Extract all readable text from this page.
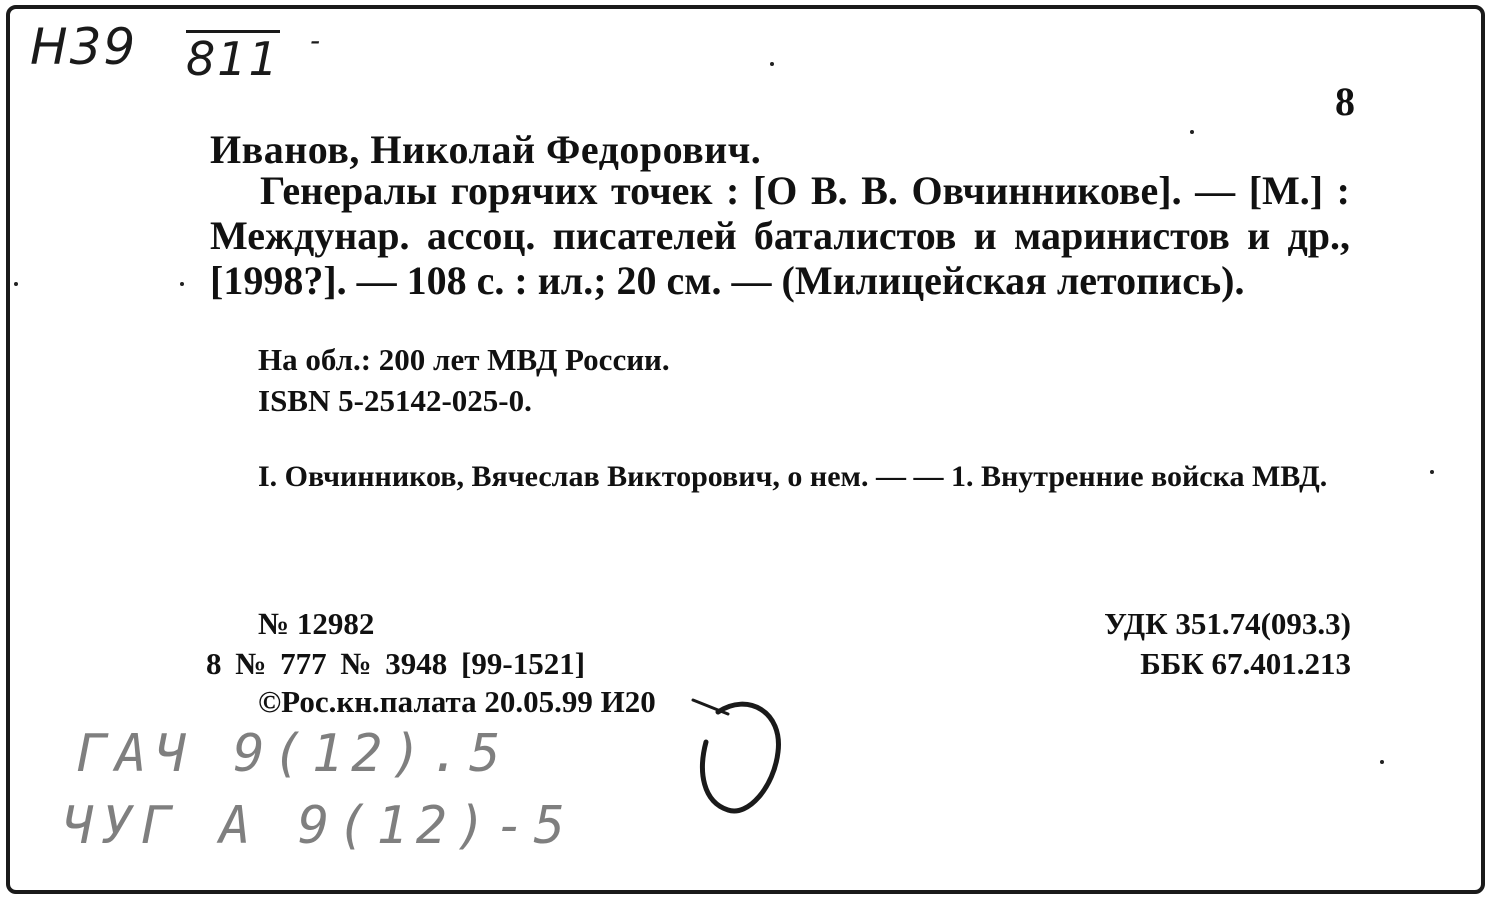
H39 811 -
8
Иванов, Николай Федорович.

Генералы горячих точек : [О В. В. Овчинникове]. — [М.] : Междунар. ассоц. писателей баталистов и маринистов и др., [1998?]. — 108 с. : ил.; 20 см. — (Милицейская летопись).

На обл.: 200 лет МВД России.
ISBN 5-25142-025-0.

I. Овчинников, Вячеслав Викторович, о нем. — — 1. Внутренние войска МВД.

№ 12982
8 № 777 № 3948 [99-1521]
©Рос.кн.палата 20.05.99 И20
УДК 351.74(093.3)
ББК 67.401.213
ГАЧ 9(12).5
ЧУГ А 9(12)-5
